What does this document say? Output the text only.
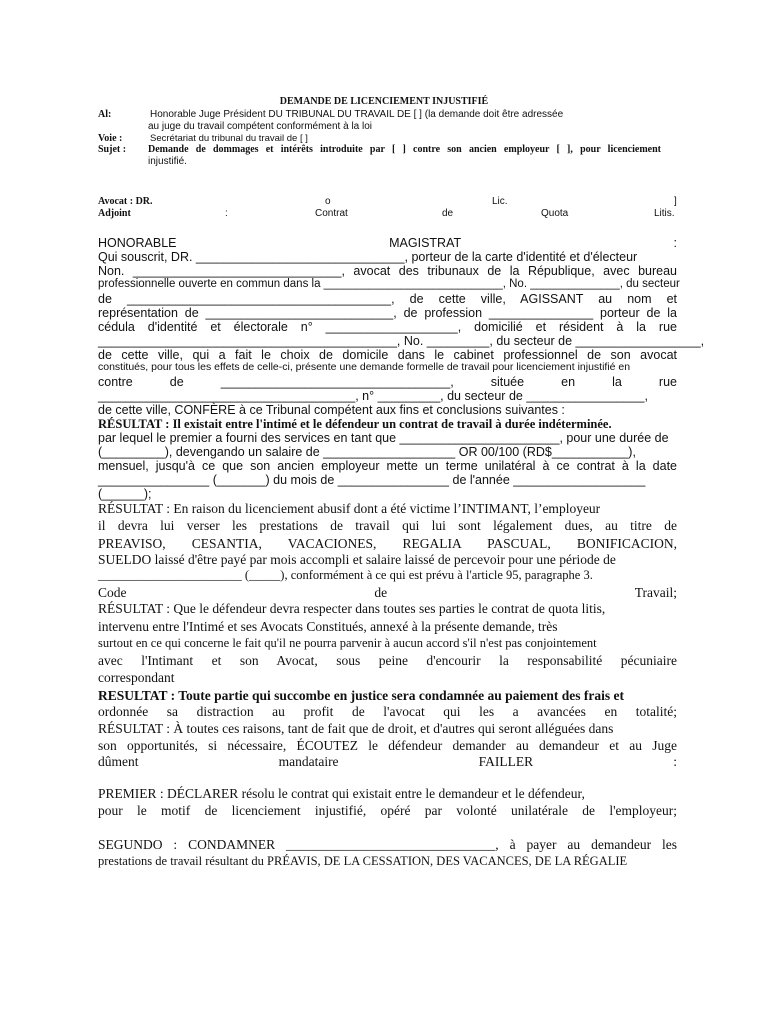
DEMANDE DE LICENCIEMENT INJUSTIFIÉ
Al:	Honorable Juge Président DU TRIBUNAL DU TRAVAIL DE [ ] (la demande doit être adressée
au juge du travail compétent conformément à la loi
Voie :	Secrétariat du tribunal du travail de [ ]
Sujet : Demande de dommages et intérêts introduite par [ ] contre son ancien employeur [ ], pour licenciement
injustifié.
Avocat : DR.	o	Lic.	]
Adjoint	:	Contrat	de	Quota	Litis.
HONORABLE MAGISTRAT :
Qui souscrit, DR. ______________________________, porteur de la carte d'identité et d'électeur
Non. ______________________________, avocat des tribunaux de la République, avec bureau
professionnelle ouverte en commun dans la ____________________________, No. ______________, du secteur
de ______________________________________, de cette ville, AGISSANT au nom et
représentation de ___________________________, de profession _______________ porteur de la
cédula d'identité et électorale n° ___________________, domicilié et résident à la rue
___________________________________________, No. _________, du secteur de __________________,
de cette ville, qui a fait le choix de domicile dans le cabinet professionnel de son avocat
constitués, pour tous les effets de celle-ci, présente une demande formelle de travail pour licenciement injustifié en
contre de _________________________________, située en la rue
_____________________________________, n° _________, du secteur de _________________,
de cette ville, CONFÈRE à ce Tribunal compétent aux fins et conclusions suivantes :
RÉSULTAT : Il existait entre l'intimé et le défendeur un contrat de travail à durée indéterminée.
par lequel le premier a fourni des services en tant que _______________________, pour une durée de
(_________), devengando un salaire de ___________________ OR 00/100 (RD$___________),
mensuel, jusqu'à ce que son ancien employeur mette un terme unilatéral à ce contrat à la date
________________ (_______) du mois de ________________ de l'année ___________________
(______);
RÉSULTAT : En raison du licenciement abusif dont a été victime l’INTIMANT, l’employeur
il devra lui verser les prestations de travail qui lui sont légalement dues, au titre de
PREAVISO, CESANTIA, VACACIONES, REGALIA PASCUAL, BONIFICACION,
SUELDO laissé d'être payé par mois accompli et salaire laissé de percevoir pour une période de
_______________________ (_____), conformément à ce qui est prévu à l'article 95, paragraphe 3.
Code de Travail;
RÉSULTAT : Que le défendeur devra respecter dans toutes ses parties le contrat de quota litis,
intervenu entre l'Intimé et ses Avocats Constitués, annexé à la présente demande, très
surtout en ce qui concerne le fait qu'il ne pourra parvenir à aucun accord s'il n'est pas conjointement
avec l'Intimant et son Avocat, sous peine d'encourir la responsabilité pécuniaire
correspondant
RESULTAT : Toute partie qui succombe en justice sera condamnée au paiement des frais et
ordonnée sa distraction au profit de l'avocat qui les a avancées en totalité;
RÉSULTAT : À toutes ces raisons, tant de fait que de droit, et d'autres qui seront alléguées dans
son opportunités, si nécessaire, ÉCOUTEZ le défendeur demander au demandeur et au Juge
dûment mandataire FAILLER :
PREMIER : DÉCLARER résolu le contrat qui existait entre le demandeur et le défendeur,
pour le motif de licenciement injustifié, opéré par volonté unilatérale de l'employeur;
SEGUNDO : CONDAMNER _______________________________, à payer au demandeur les
prestations de travail résultant du PRÉAVIS, DE LA CESSATION, DES VACANCES, DE LA RÉGALIE
